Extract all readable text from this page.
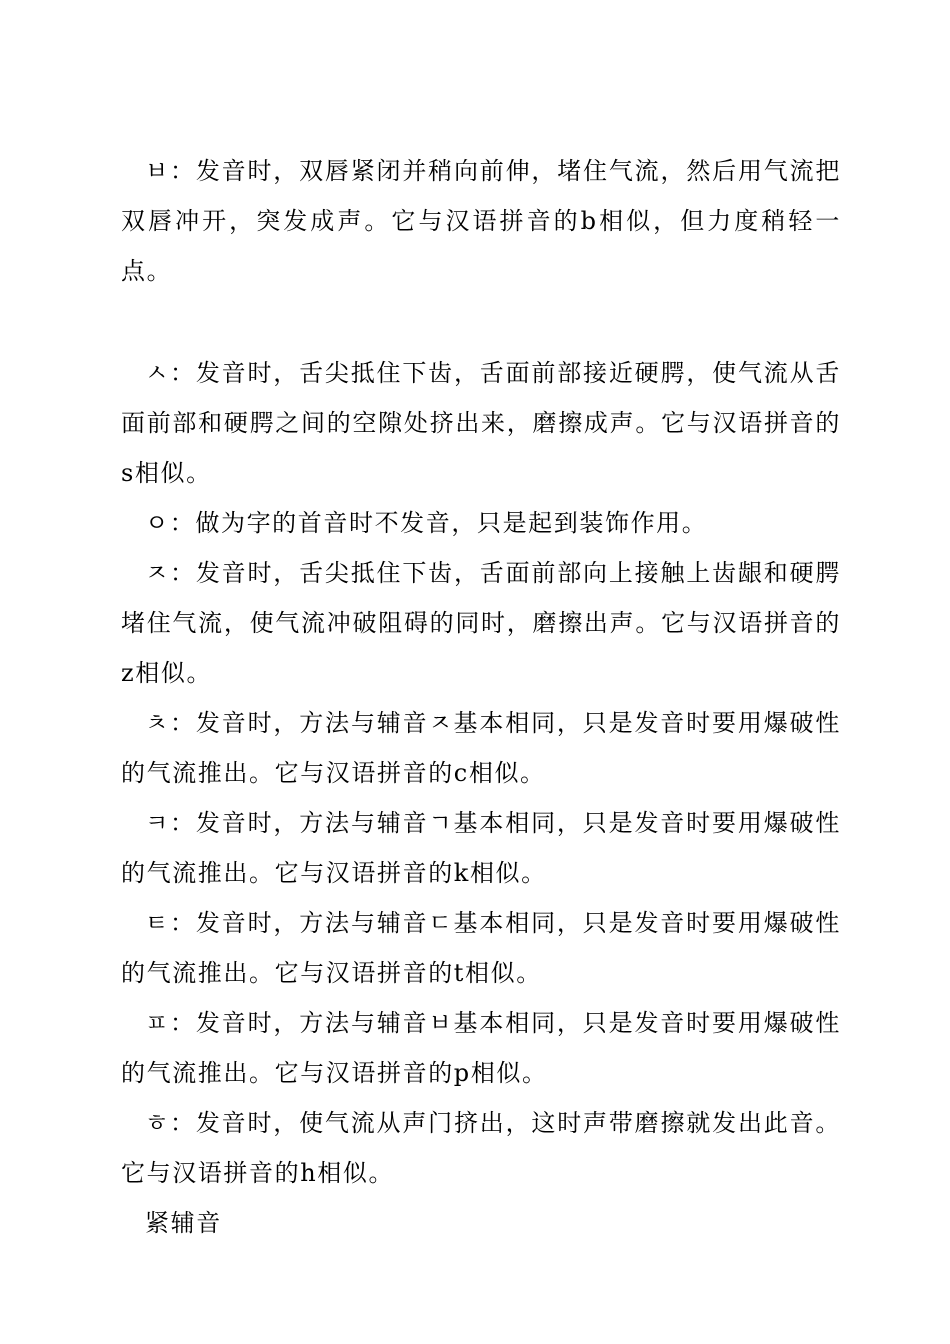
ㅂ：发音时，双唇紧闭并稍向前伸，堵住气流，然后用气流把双唇冲开，突发成声。它与汉语拼音的b相似，但力度稍轻一点。

ㅅ：发音时，舌尖抵住下齿，舌面前部接近硬腭，使气流从舌面前部和硬腭之间的空隙处挤出来，磨擦成声。它与汉语拼音的s相似。

ㅇ：做为字的首音时不发音，只是起到装饰作用。

ㅈ：发音时，舌尖抵住下齿，舌面前部向上接触上齿龈和硬腭堵住气流，使气流冲破阻碍的同时，磨擦出声。它与汉语拼音的z相似。

ㅊ：发音时，方法与辅音ㅈ基本相同，只是发音时要用爆破性的气流推出。它与汉语拼音的c相似。

ㅋ：发音时，方法与辅音ㄱ基本相同，只是发音时要用爆破性的气流推出。它与汉语拼音的k相似。

ㅌ：发音时，方法与辅音ㄷ基本相同，只是发音时要用爆破性的气流推出。它与汉语拼音的t相似。

ㅍ：发音时，方法与辅音ㅂ基本相同，只是发音时要用爆破性的气流推出。它与汉语拼音的p相似。

ㅎ：发音时，使气流从声门挤出，这时声带磨擦就发出此音。它与汉语拼音的h相似。

紧辅音
